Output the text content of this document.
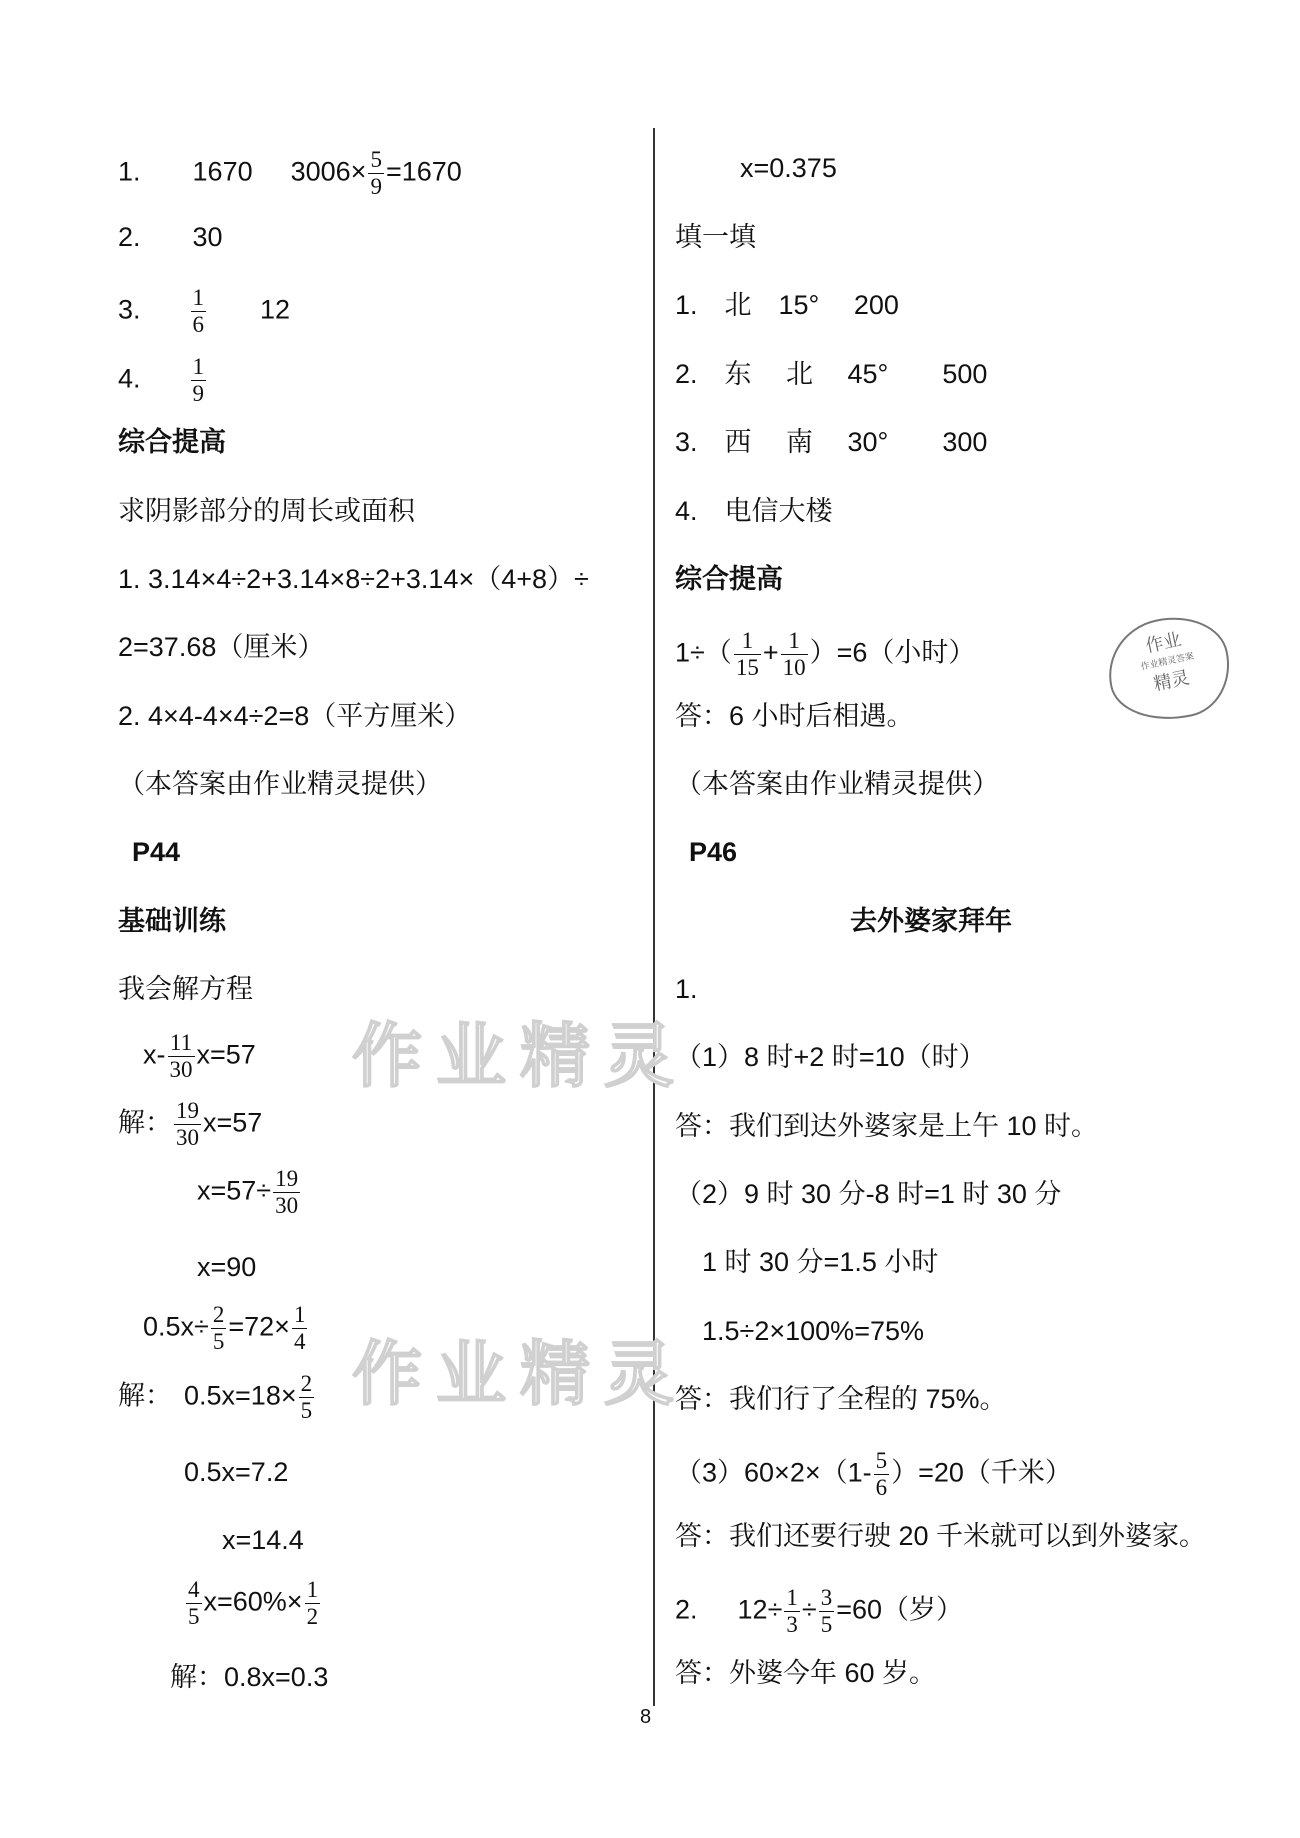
1. 1670 $3006\times \frac{5}{9} =1670$
2. 30
3. $\frac{1}{6} 12$
4. $\frac{1}{9}$
综合提高
求阴影部分的周长或面积
1. 3.14×4÷2+3.14×8÷2+3.14×（4+8）÷
2=37.68（厘米）
2. 4×4-4×4÷2=8（平方厘米）
（本答案由作业精灵提供）
P44
基础训练
我会解方程
$x- \frac{11}{30} x=57$
解： $\frac{19}{30} x=57$
$x=57\div \frac{19}{30}$
x=90
$0.5x\div \frac{2}{5} =72\times \frac{1}{4}$
解： $0.5x=18\times \frac{2}{5}$
0.5x=7.2
x=14.4
$\frac{4}{5} x=60\%\times \frac{1}{2}$
解：0.8x=0.3
x=0.375
填一填
1.　北　15°　 200
2.　东　 北　 45°　　500
3.　西　 南　 30°　　300
4.　电信大楼
综合提高
$1\div( \frac{1}{15} + \frac{1}{10} )=6$（小时）
答：6 小时后相遇。
（本答案由作业精灵提供）
P46
去外婆家拜年
1.
（1）8 时+2 时=10（时）
答：我们到达外婆家是上午 10 时。
（2）9 时 30 分-8 时=1 时 30 分
1 时 30 分=1.5 小时
1.5÷2×100%=75%
答：我们行了全程的 75%。
$(3)60\times 2\times(1- \frac{5}{6} )=20$（千米）
答：我们还要行驶 20 千米就可以到外婆家。
2. $12\div \frac{1}{3} \div \frac{3}{5} =60$（岁）
答：外婆今年 60 岁。
作业精灵
作业精灵
作业
作业精灵答案
精灵
8
